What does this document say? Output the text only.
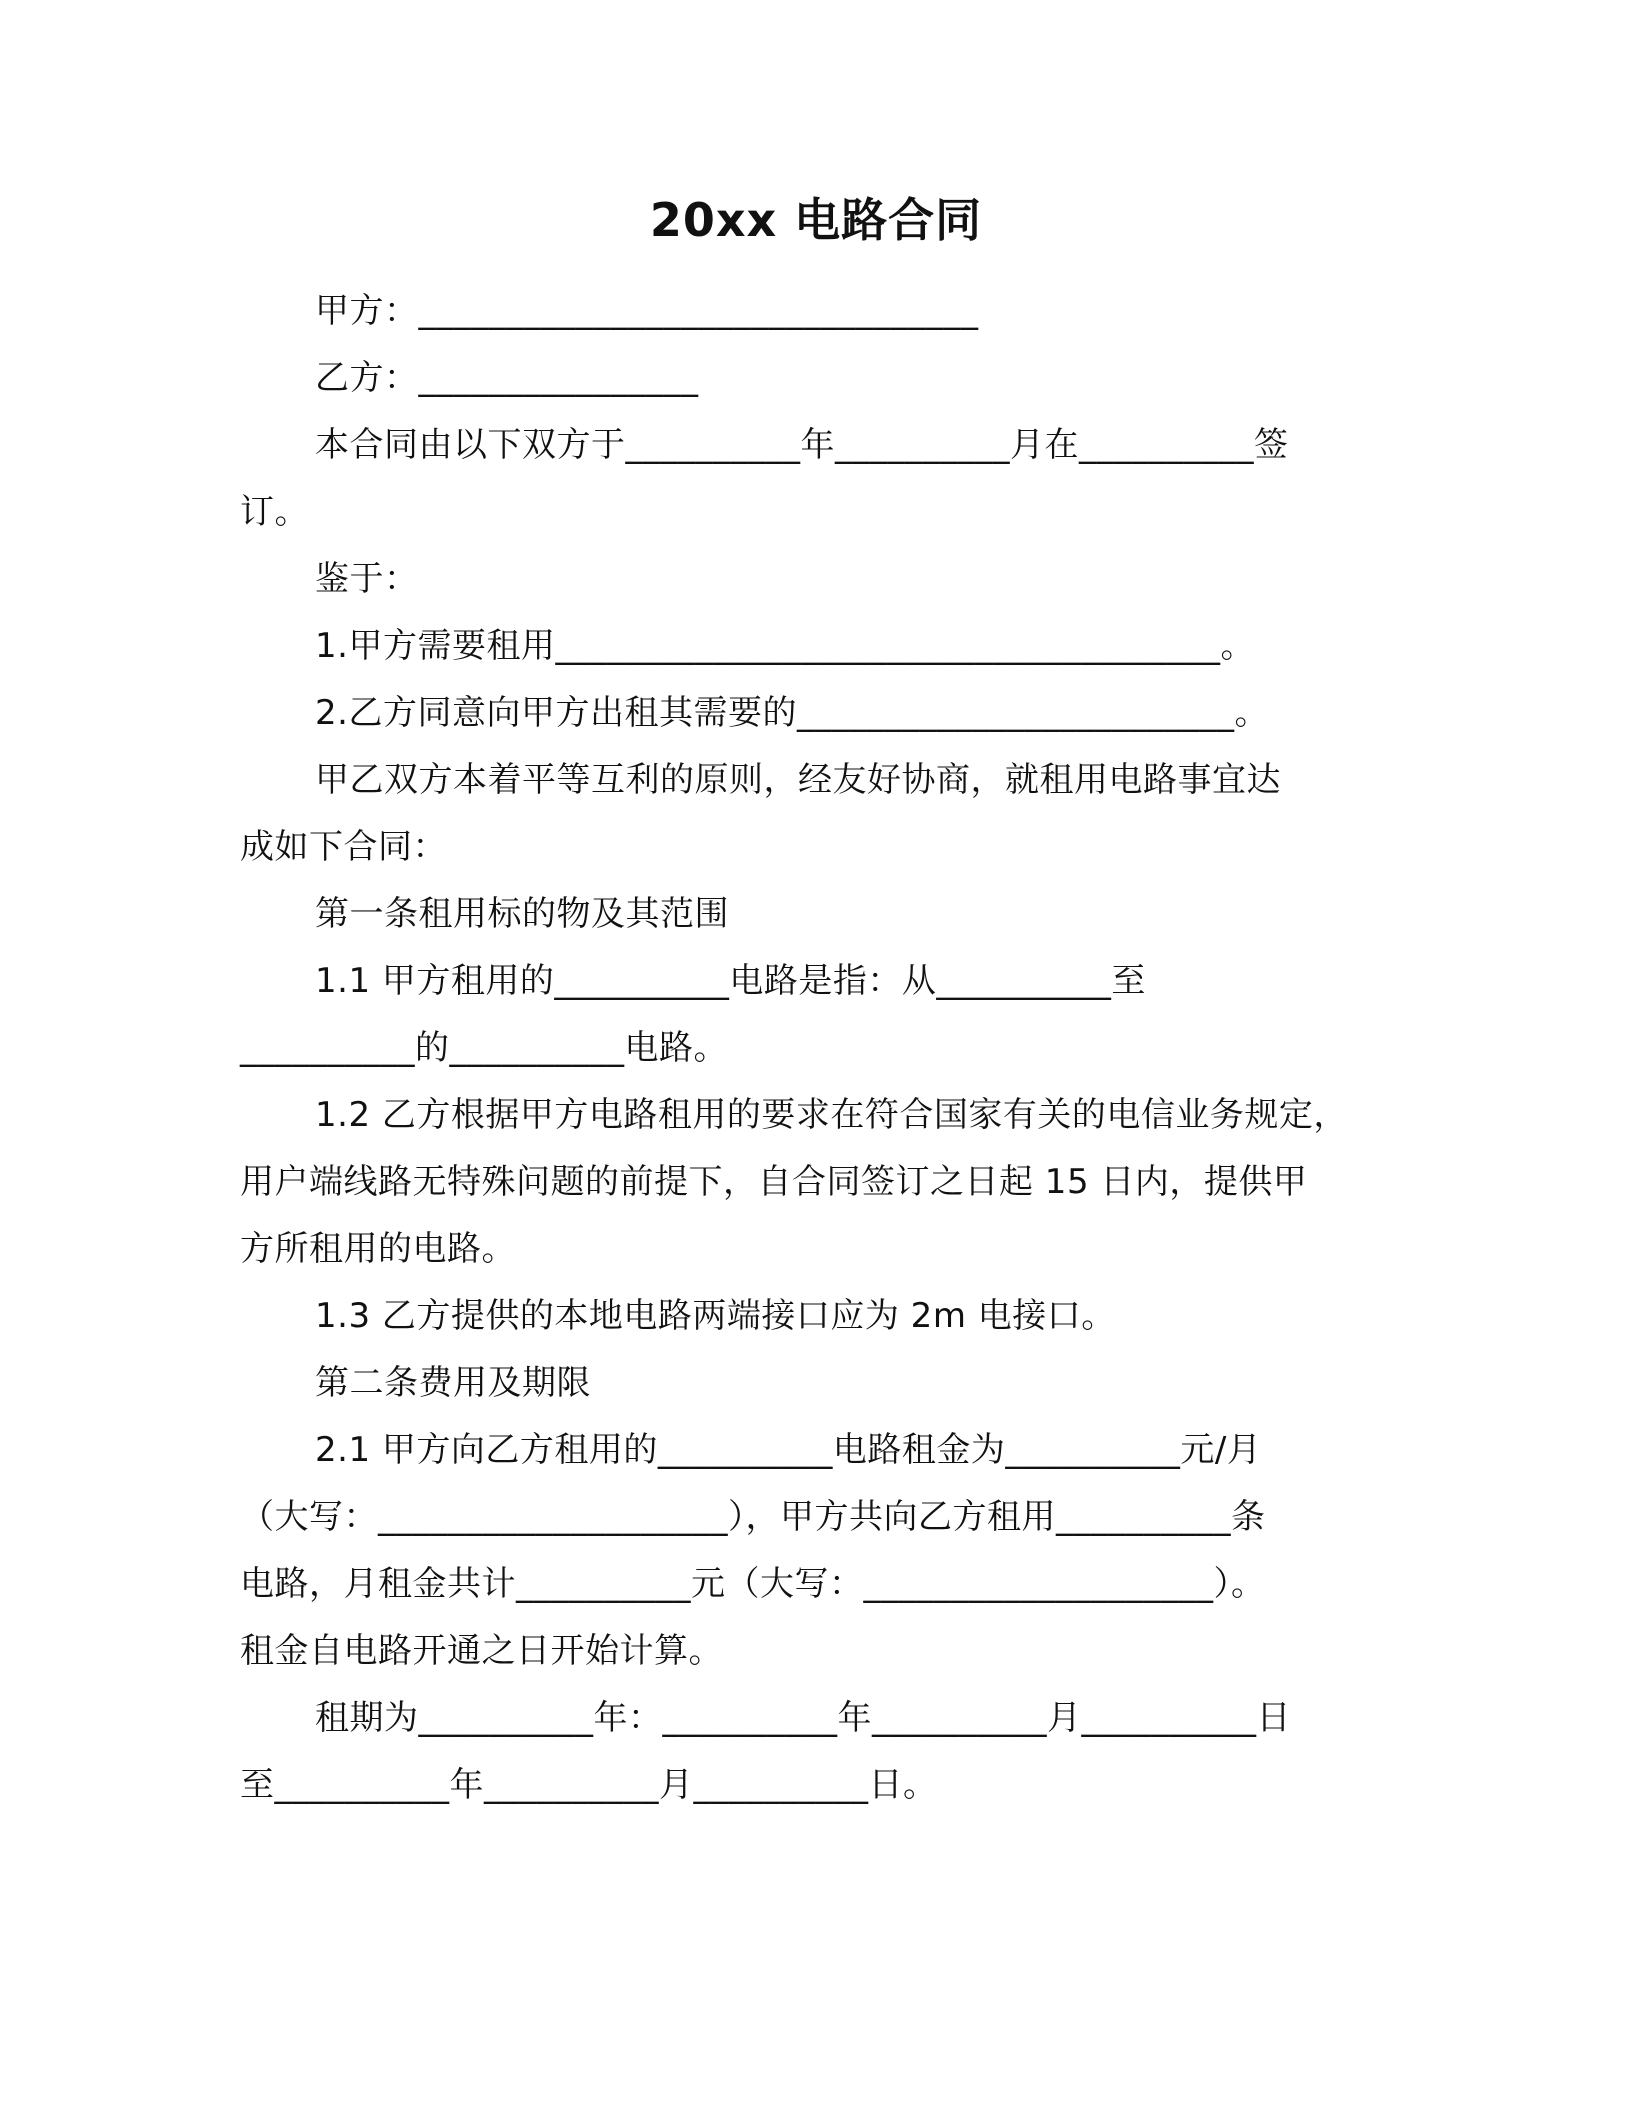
20xx 电路合同
甲方：________________________________
乙方：________________
本合同由以下双方于__________年__________月在__________签
订。
鉴于：
1.甲方需要租用______________________________________。
2.乙方同意向甲方出租其需要的_________________________。
甲乙双方本着平等互利的原则，经友好协商，就租用电路事宜达
成如下合同：
第一条租用标的物及其范围
1.1 甲方租用的__________电路是指：从__________至
__________的__________电路。
1.2 乙方根据甲方电路租用的要求在符合国家有关的电信业务规定，
用户端线路无特殊问题的前提下，自合同签订之日起 15 日内，提供甲
方所租用的电路。
1.3 乙方提供的本地电路两端接口应为 2m 电接口。
第二条费用及期限
2.1 甲方向乙方租用的__________电路租金为__________元/月
（大写：____________________），甲方共向乙方租用__________条
电路，月租金共计__________元（大写：____________________）。
租金自电路开通之日开始计算。
租期为__________年：__________年__________月__________日
至__________年__________月__________日。
